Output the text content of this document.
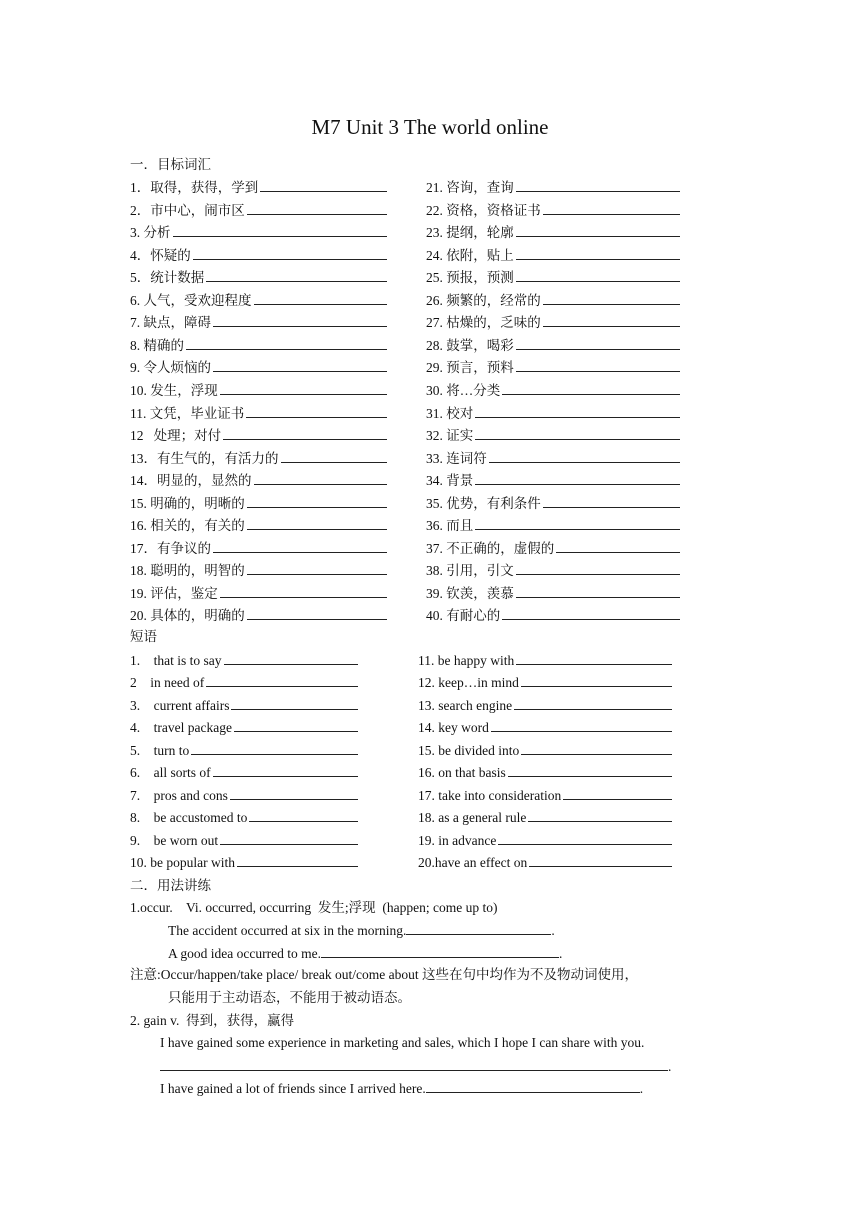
M7 Unit 3 The world online
一．目标词汇
1．取得，获得，学到
2．市中心，闹市区
3. 分析
4．怀疑的
5．统计数据
6. 人气，受欢迎程度
7. 缺点，障碍
8. 精确的
9. 令人烦恼的
10. 发生，浮现
11. 文凭，毕业证书
12   处理；对付
13．有生气的，有活力的
14．明显的，显然的
15. 明确的，明晰的
16. 相关的，有关的
17．有争议的
18. 聪明的，明智的
19. 评估，鉴定
20. 具体的，明确的
21. 咨询，查询
22. 资格，资格证书
23. 提纲，轮廓
24. 依附，贴上
25. 预报，预测
26. 频繁的，经常的
27. 枯燥的，乏味的
28. 鼓掌，喝彩
29. 预言，预料
30. 将…分类
31. 校对
32. 证实
33. 连词符
34. 背景
35. 优势，有利条件
36. 而且
37. 不正确的，虚假的
38. 引用，引文
39. 钦羡，羡慕
40. 有耐心的
短语
1.    that is to say
2    in need of
3.    current affairs
4.    travel package
5.    turn to
6.    all sorts of
7.    pros and cons
8.    be accustomed to
9.    be worn out
10. be popular with
11. be happy with
12. keep…in mind
13. search engine
14. key word
15. be divided into
16. on that basis
17. take into consideration
18. as a general rule
19. in advance
20.have an effect on
二．用法讲练
1.occur.    Vi. occurred, occurring  发生;浮现  (happen; come up to)
The accident occurred at six in the morning.	.
A good idea occurred to me.	.
注意:Occur/happen/take place/ break out/come about 这些在句中均作为不及物动词使用，
只能用于主动语态，不能用于被动语态。
2. gain v.  得到，获得，赢得
I have gained some experience in marketing and sales, which I hope I can share with you.
.
I have gained a lot of friends since I arrived here.	.
